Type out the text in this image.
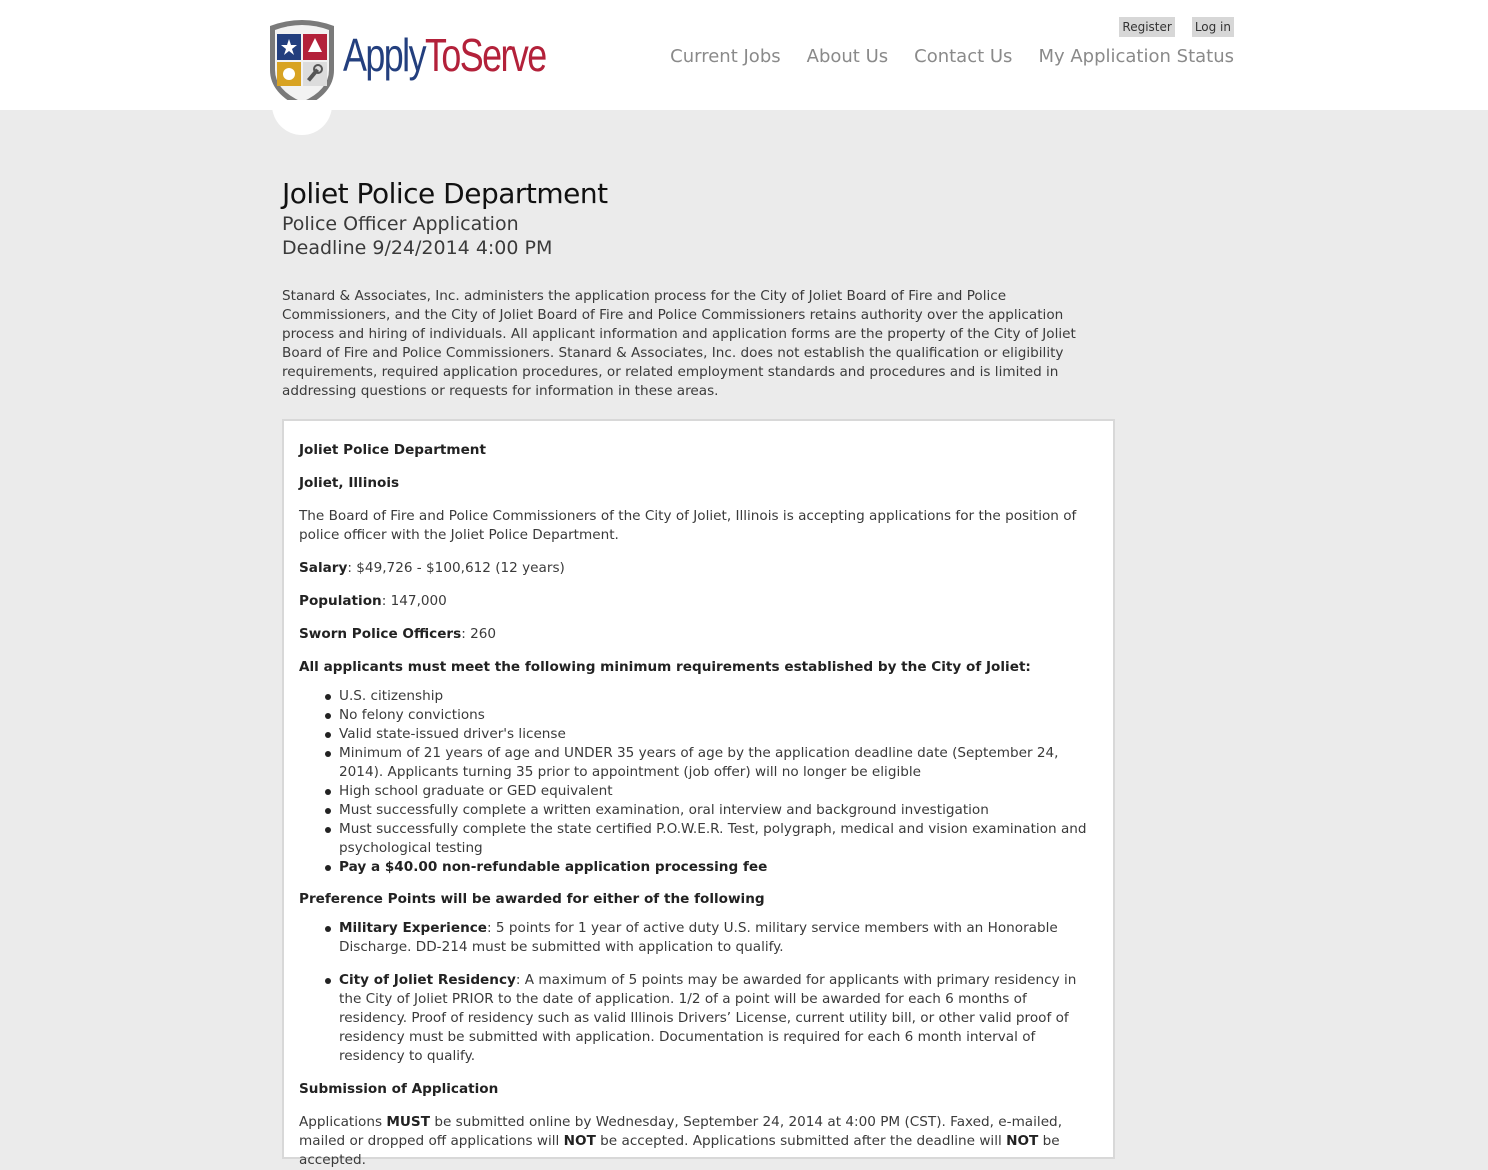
ApplyToServe
Register Log in
Current Jobs About Us Contact Us My Application Status
Joliet Police Department
Police Officer Application
Deadline 9/24/2014 4:00 PM
Stanard & Associates, Inc. administers the application process for the City of Joliet Board of Fire and Police Commissioners, and the City of Joliet Board of Fire and Police Commissioners retains authority over the application process and hiring of individuals. All applicant information and application forms are the property of the City of Joliet Board of Fire and Police Commissioners. Stanard & Associates, Inc. does not establish the qualification or eligibility requirements, required application procedures, or related employment standards and procedures and is limited in addressing questions or requests for information in these areas.

Joliet Police Department

Joliet, Illinois

The Board of Fire and Police Commissioners of the City of Joliet, Illinois is accepting applications for the position of police officer with the Joliet Police Department.

Salary: $49,726 - $100,612 (12 years)

Population: 147,000

Sworn Police Officers: 260

All applicants must meet the following minimum requirements established by the City of Joliet:

U.S. citizenship
No felony convictions
Valid state-issued driver's license
Minimum of 21 years of age and UNDER 35 years of age by the application deadline date (September 24, 2014). Applicants turning 35 prior to appointment (job offer) will no longer be eligible
High school graduate or GED equivalent
Must successfully complete a written examination, oral interview and background investigation
Must successfully complete the state certified P.O.W.E.R. Test, polygraph, medical and vision examination and psychological testing
Pay a $40.00 non-refundable application processing fee

Preference Points will be awarded for either of the following

Military Experience: 5 points for 1 year of active duty U.S. military service members with an Honorable Discharge. DD-214 must be submitted with application to qualify.
City of Joliet Residency: A maximum of 5 points may be awarded for applicants with primary residency in the City of Joliet PRIOR to the date of application. 1/2 of a point will be awarded for each 6 months of residency. Proof of residency such as valid Illinois Drivers’ License, current utility bill, or other valid proof of residency must be submitted with application. Documentation is required for each 6 month interval of residency to qualify.

Submission of Application

Applications MUST be submitted online by Wednesday, September 24, 2014 at 4:00 PM (CST). Faxed, e-mailed, mailed or dropped off applications will NOT be accepted. Applications submitted after the deadline will NOT be accepted.
